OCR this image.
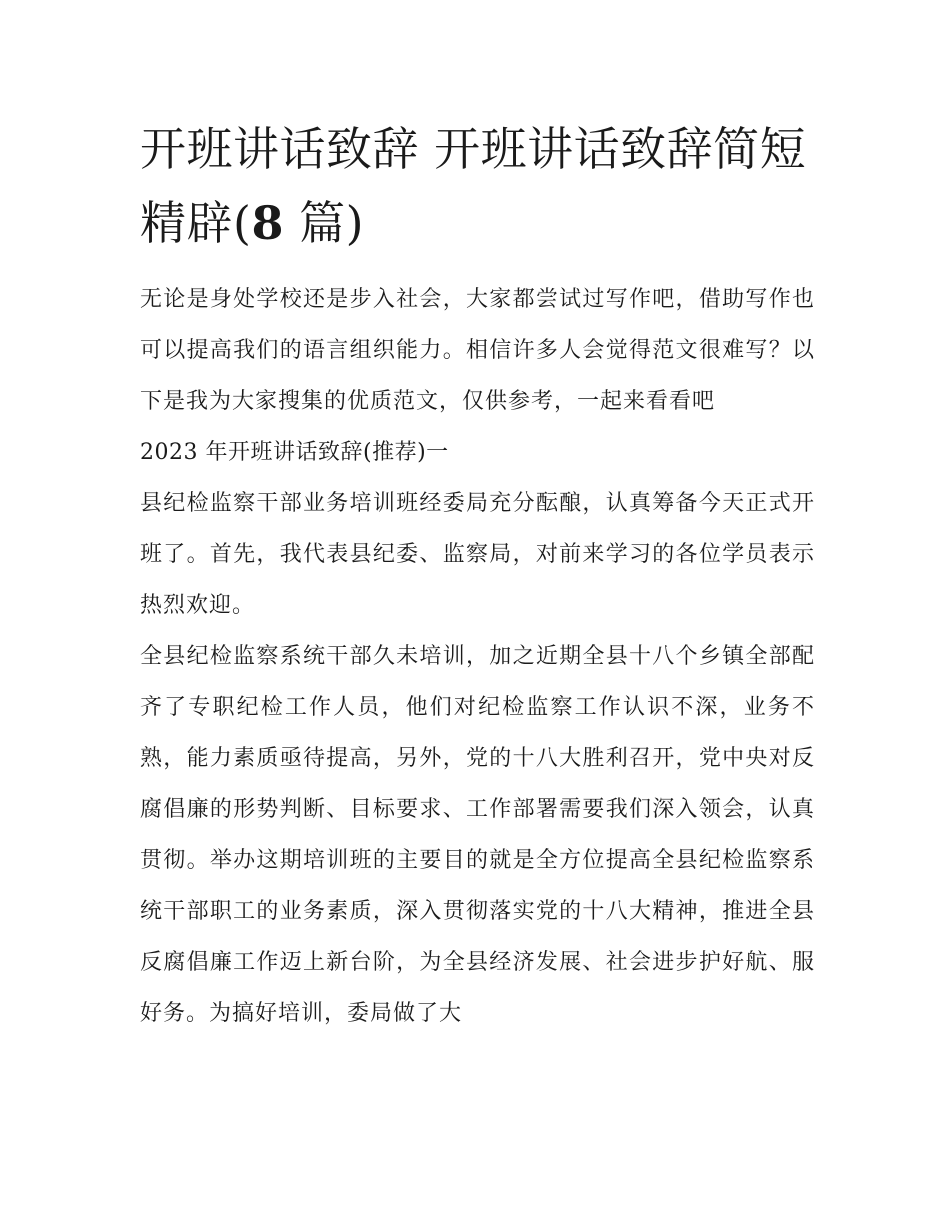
开班讲话致辞 开班讲话致辞简短精辟(8 篇)

无论是身处学校还是步入社会，大家都尝试过写作吧，借助写作也可以提高我们的语言组织能力。相信许多人会觉得范文很难写？以下是我为大家搜集的优质范文，仅供参考，一起来看看吧

2023 年开班讲话致辞(推荐)一

县纪检监察干部业务培训班经委局充分酝酿，认真筹备今天正式开班了。首先，我代表县纪委、监察局，对前来学习的各位学员表示热烈欢迎。

全县纪检监察系统干部久未培训，加之近期全县十八个乡镇全部配齐了专职纪检工作人员，他们对纪检监察工作认识不深，业务不熟，能力素质亟待提高，另外，党的十八大胜利召开，党中央对反腐倡廉的形势判断、目标要求、工作部署需要我们深入领会，认真贯彻。举办这期培训班的主要目的就是全方位提高全县纪检监察系统干部职工的业务素质，深入贯彻落实党的十八大精神，推进全县反腐倡廉工作迈上新台阶，为全县经济发展、社会进步护好航、服好务。为搞好培训，委局做了大
